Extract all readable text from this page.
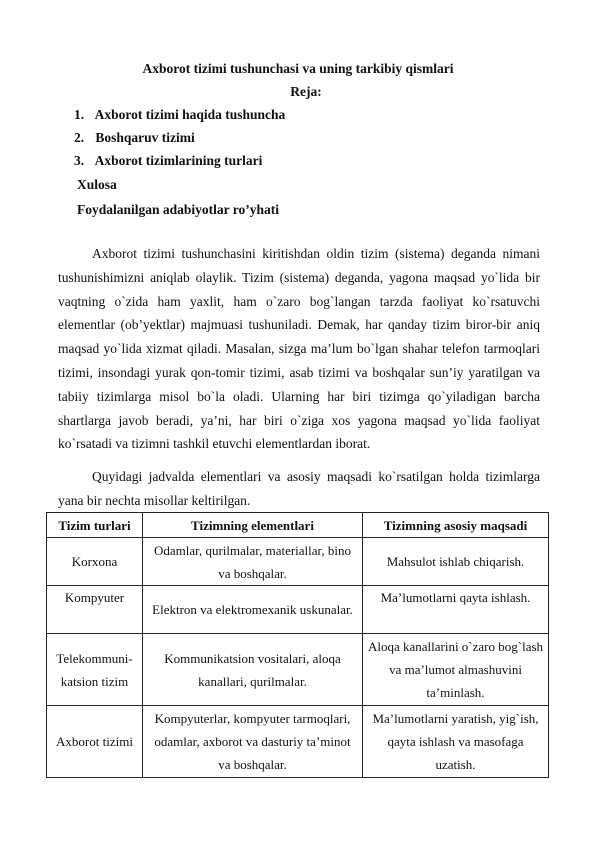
Axborot tizimi tushunchasi va uning tarkibiy qismlari
Reja:
1. Axborot tizimi haqida tushuncha
2. Boshqaruv tizimi
3. Axborot tizimlarining turlari
Xulosa
Foydalanilgan adabiyotlar ro’yhati

Axborot tizimi tushunchasini kiritishdan oldin tizim (sistema) deganda nimani tushunishimizni aniqlab olaylik. Tizim (sistema) deganda, yagona maqsad yo`lida bir vaqtning o`zida ham yaxlit, ham o`zaro bog`langan tarzda faoliyat ko`rsatuvchi elementlar (ob’yektlar) majmuasi tushuniladi. Demak, har qanday tizim biror-bir aniq maqsad yo`lida xizmat qiladi. Masalan, sizga ma’lum bo`lgan shahar telefon tarmoqlari tizimi, insondagi yurak qon-tomir tizimi, asab tizimi va boshqalar sun’iy yaratilgan va tabiiy tizimlarga misol bo`la oladi. Ularning har biri tizimga qo`yiladigan barcha shartlarga javob beradi, ya’ni, har biri o`ziga xos yagona maqsad yo`lida faoliyat ko`rsatadi va tizimni tashkil etuvchi elementlardan iborat.

Quyidagi jadvalda elementlari va asosiy maqsadi ko`rsatilgan holda tizimlarga yana bir nechta misollar keltirilgan.

Tizim turlari	Tizimning elementlari	Tizimning asosiy maqsadi
Korxona	Odamlar, qurilmalar, materiallar, bino va boshqalar.	Mahsulot ishlab chiqarish.
Kompyuter	Elektron va elektromexanik uskunalar.	Ma’lumotlarni qayta ishlash.
Telekommuni-katsion tizim	Kommunikatsion vositalari, aloqa kanallari, qurilmalar.	Aloqa kanallarini o`zaro bog`lash va ma’lumot almashuvini ta’minlash.
Axborot tizimi	Kompyuterlar, kompyuter tarmoqlari, odamlar, axborot va dasturiy ta’minot va boshqalar.	Ma’lumotlarni yaratish, yig`ish, qayta ishlash va masofaga uzatish.
